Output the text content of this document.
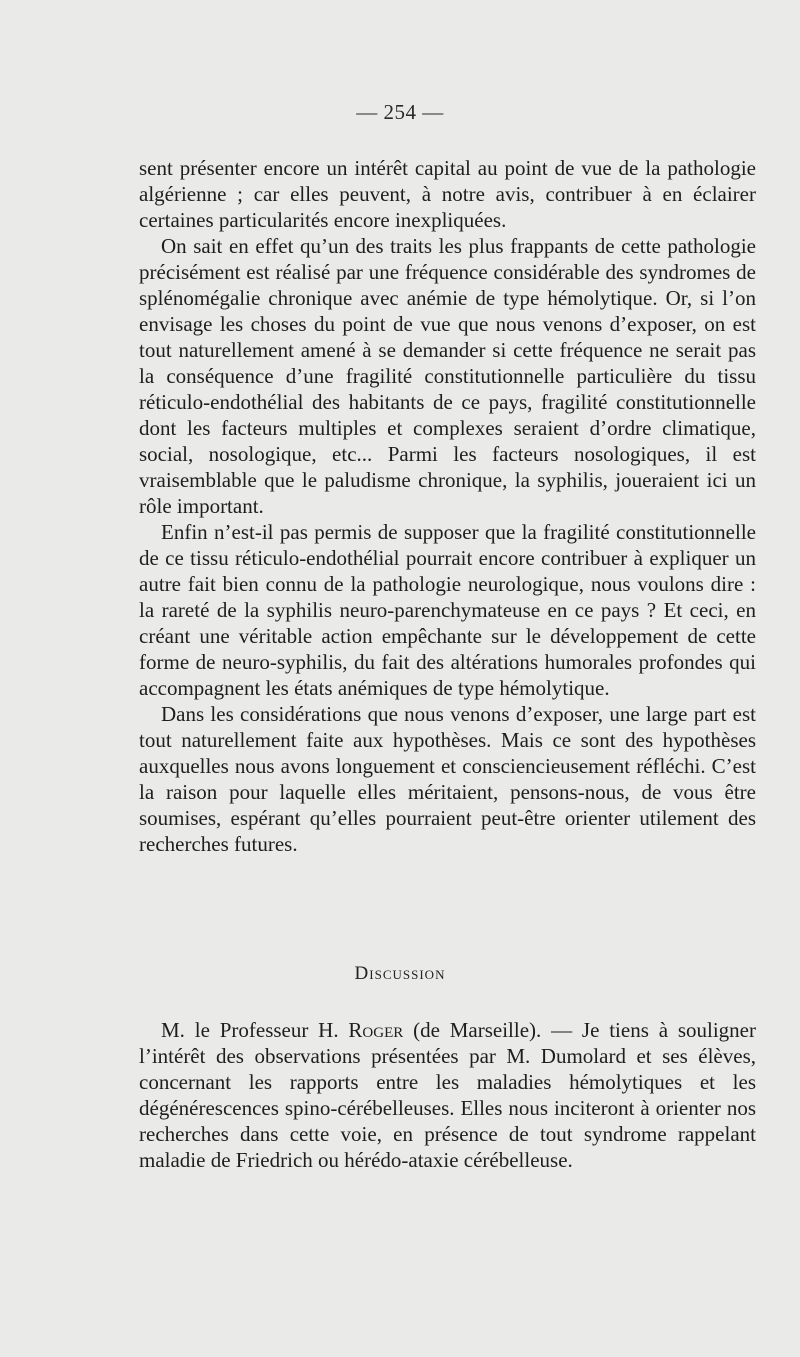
— 254 —

sent présenter encore un intérêt capital au point de vue de la pathologie algérienne ; car elles peuvent, à notre avis, contribuer à en éclairer certaines particularités encore inexpliquées.

On sait en effet qu’un des traits les plus frappants de cette pathologie précisément est réalisé par une fréquence considérable des syndromes de splénomégalie chronique avec anémie de type hémolytique. Or, si l’on envisage les choses du point de vue que nous venons d’exposer, on est tout naturellement amené à se demander si cette fréquence ne serait pas la conséquence d’une fragilité constitutionnelle particulière du tissu réticulo-endothélial des habitants de ce pays, fragilité constitutionnelle dont les facteurs multiples et complexes seraient d’ordre climatique, social, nosologique, etc... Parmi les facteurs nosologiques, il est vraisemblable que le paludisme chronique, la syphilis, joueraient ici un rôle important.

Enfin n’est-il pas permis de supposer que la fragilité constitutionnelle de ce tissu réticulo-endothélial pourrait encore contribuer à expliquer un autre fait bien connu de la pathologie neurologique, nous voulons dire : la rareté de la syphilis neuro-parenchymateuse en ce pays ? Et ceci, en créant une véritable action empêchante sur le développement de cette forme de neuro-syphilis, du fait des altérations humorales profondes qui accompagnent les états anémiques de type hémolytique.

Dans les considérations que nous venons d’exposer, une large part est tout naturellement faite aux hypothèses. Mais ce sont des hypothèses auxquelles nous avons longuement et consciencieusement réfléchi. C’est la raison pour laquelle elles méritaient, pensons-nous, de vous être soumises, espérant qu’elles pourraient peut-être orienter utilement des recherches futures.

Discussion

M. le Professeur H. Roger (de Marseille). — Je tiens à souligner l’intérêt des observations présentées par M. Dumolard et ses élèves, concernant les rapports entre les maladies hémolytiques et les dégénérescences spino-cérébelleuses. Elles nous inciteront à orienter nos recherches dans cette voie, en présence de tout syndrome rappelant maladie de Friedrich ou hérédo-ataxie cérébelleuse.
